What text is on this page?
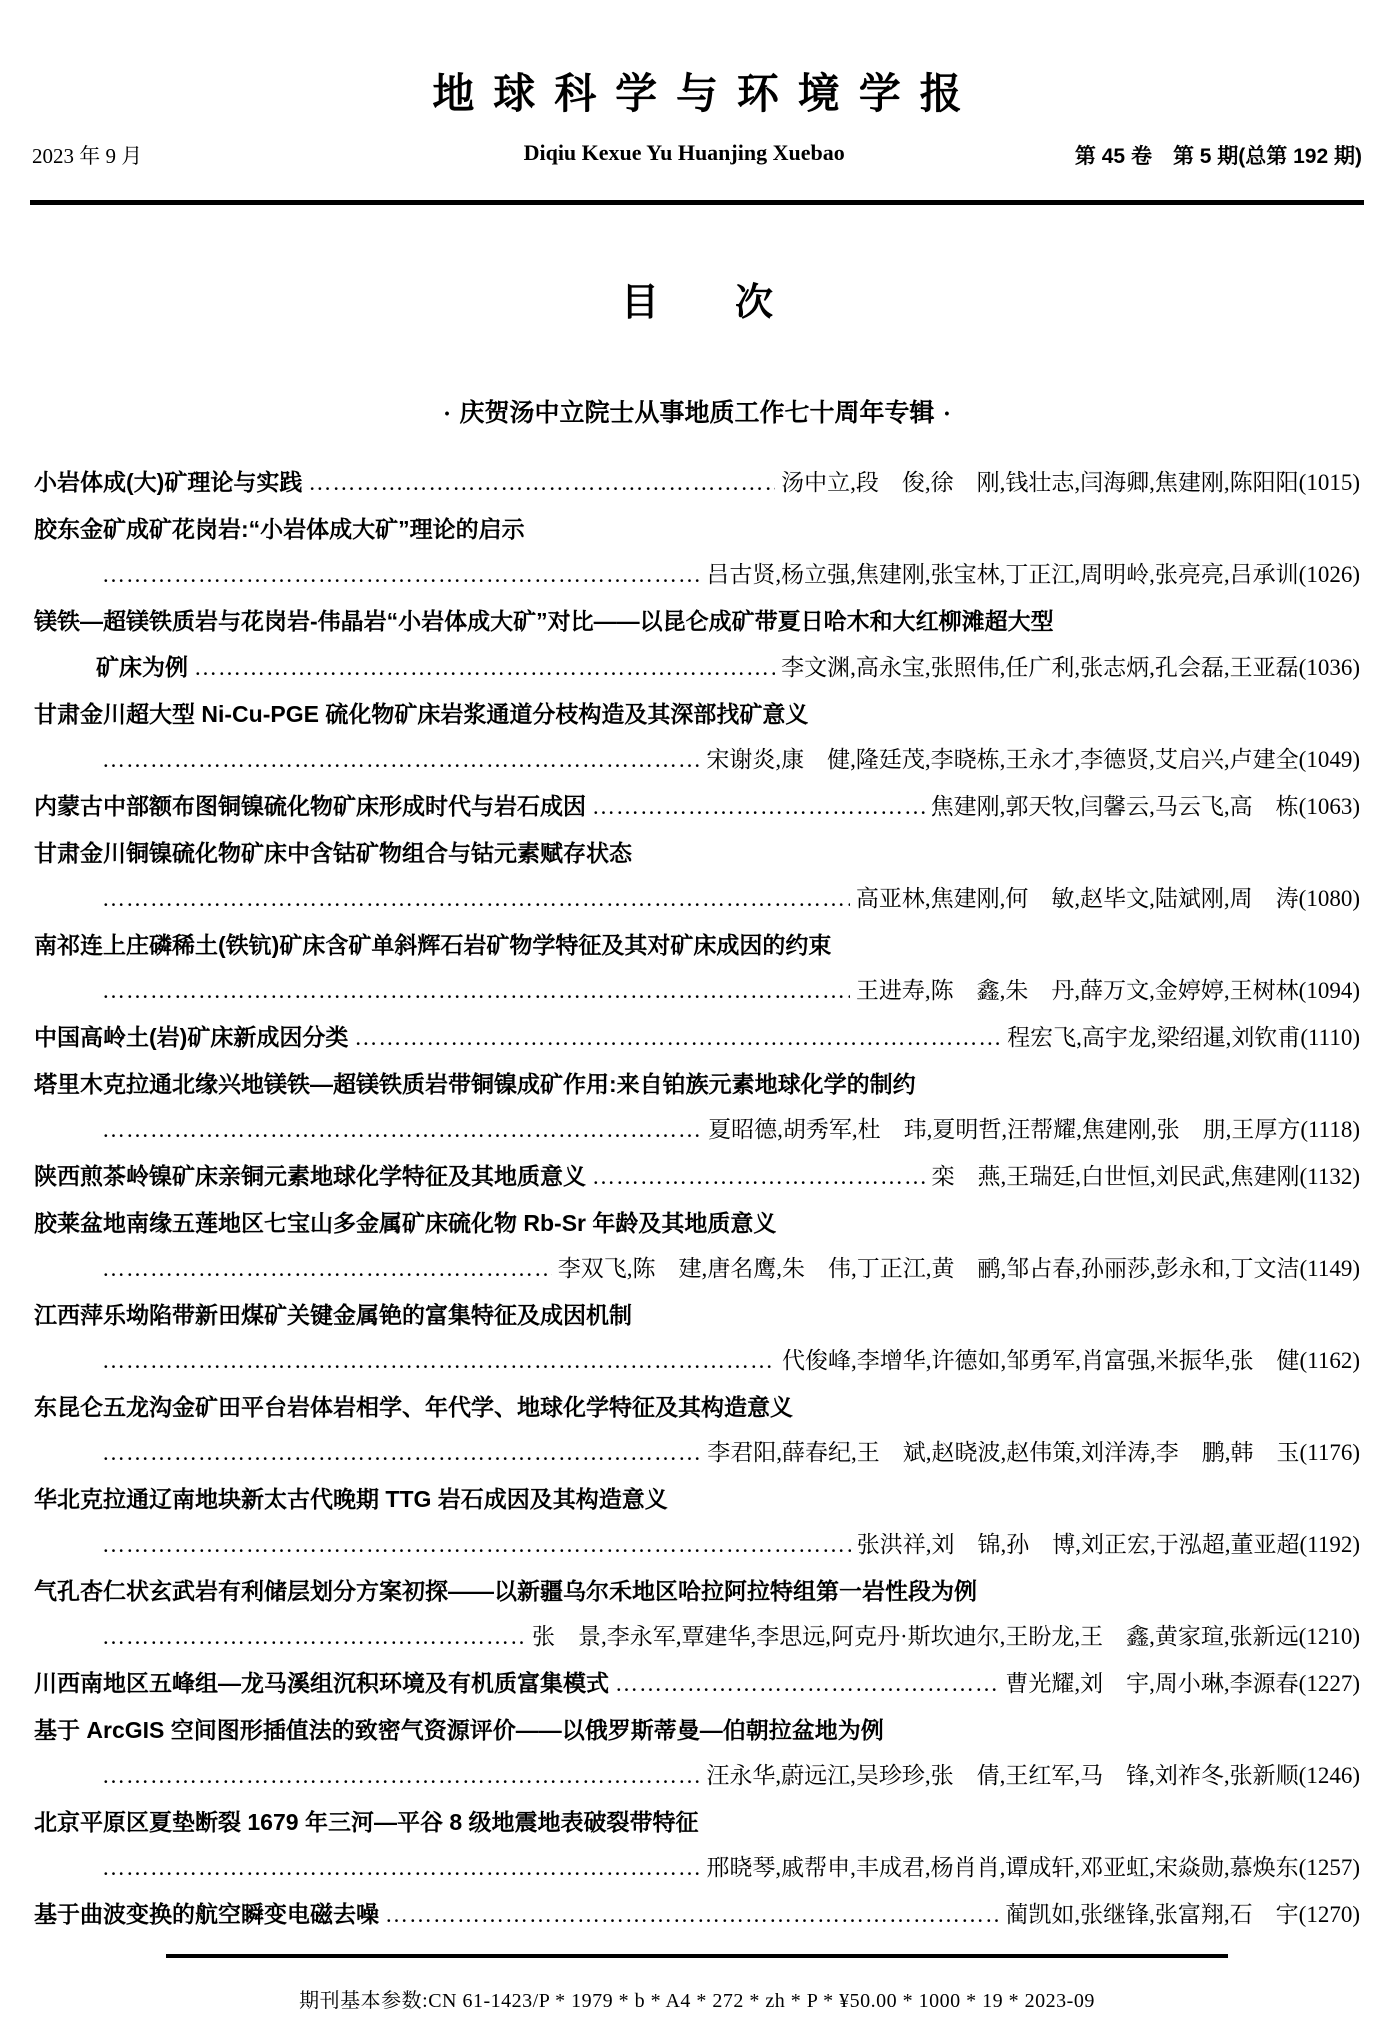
地球科学与环境学报
2023 年 9 月	Diqiu Kexue Yu Huanjing Xuebao	第 45 卷　第 5 期(总第 192 期)
目　　次
• 庆贺汤中立院士从事地质工作七十周年专辑 •
小岩体成(大)矿理论与实践 ………………………………………………………………………………………………………………………………………………	汤中立,段　俊,徐　刚,钱壮志,闫海卿,焦建刚,陈阳阳 (1015)
胶东金矿成矿花岗岩:“小岩体成大矿”理论的启示
………………………………………………………………………………………………………………………………………………
吕古贤,杨立强,焦建刚,张宝林,丁正江,周明岭,张亮亮,吕承训 (1026)
镁铁—超镁铁质岩与花岗岩-伟晶岩“小岩体成大矿”对比——以昆仑成矿带夏日哈木和大红柳滩超大型
矿床为例 ………………………………………………………………………………………………………………………………………………	李文渊,高永宝,张照伟,任广利,张志炳,孔会磊,王亚磊 (1036)
甘肃金川超大型 Ni-Cu-PGE 硫化物矿床岩浆通道分枝构造及其深部找矿意义
………………………………………………………………………………………………………………………………………………
宋谢炎,康　健,隆廷茂,李晓栋,王永才,李德贤,艾启兴,卢建全 (1049)
内蒙古中部额布图铜镍硫化物矿床形成时代与岩石成因 ………………………………………………………………………………………………………………………………………………	焦建刚,郭天牧,闫馨云,马云飞,高　栋 (1063)
甘肃金川铜镍硫化物矿床中含钴矿物组合与钴元素赋存状态
………………………………………………………………………………………………………………………………………………
高亚林,焦建刚,何　敏,赵毕文,陆斌刚,周　涛 (1080)
南祁连上庄磷稀土(铁钪)矿床含矿单斜辉石岩矿物学特征及其对矿床成因的约束
………………………………………………………………………………………………………………………………………………
王进寿,陈　鑫,朱　丹,薛万文,金婷婷,王树林 (1094)
中国高岭土(岩)矿床新成因分类 ………………………………………………………………………………………………………………………………………………	程宏飞,高宇龙,梁绍暹,刘钦甫 (1110)
塔里木克拉通北缘兴地镁铁—超镁铁质岩带铜镍成矿作用:来自铂族元素地球化学的制约
………………………………………………………………………………………………………………………………………………
夏昭德,胡秀军,杜　玮,夏明哲,汪帮耀,焦建刚,张　朋,王厚方 (1118)
陕西煎茶岭镍矿床亲铜元素地球化学特征及其地质意义 ………………………………………………………………………………………………………………………………………………	栾　燕,王瑞廷,白世恒,刘民武,焦建刚 (1132)
胶莱盆地南缘五莲地区七宝山多金属矿床硫化物 Rb-Sr 年龄及其地质意义
………………………………………………………………………………………………………………………………………………
李双飞,陈　建,唐名鹰,朱　伟,丁正江,黄　鹂,邹占春,孙丽莎,彭永和,丁文洁 (1149)
江西萍乐坳陷带新田煤矿关键金属铯的富集特征及成因机制
………………………………………………………………………………………………………………………………………………
代俊峰,李增华,许德如,邹勇军,肖富强,米振华,张　健 (1162)
东昆仑五龙沟金矿田平台岩体岩相学、年代学、地球化学特征及其构造意义
………………………………………………………………………………………………………………………………………………
李君阳,薛春纪,王　斌,赵晓波,赵伟策,刘洋涛,李　鹏,韩　玉 (1176)
华北克拉通辽南地块新太古代晚期 TTG 岩石成因及其构造意义
………………………………………………………………………………………………………………………………………………
张洪祥,刘　锦,孙　博,刘正宏,于泓超,董亚超 (1192)
气孔杏仁状玄武岩有利储层划分方案初探——以新疆乌尔禾地区哈拉阿拉特组第一岩性段为例
………………………………………………………………………………………………………………………………………………
张　景,李永军,覃建华,李思远,阿克丹·斯坎迪尔,王盼龙,王　鑫,黄家瑄,张新远 (1210)
川西南地区五峰组—龙马溪组沉积环境及有机质富集模式 ………………………………………………………………………………………………………………………………………………	曹光耀,刘　宇,周小琳,李源春 (1227)
基于 ArcGIS 空间图形插值法的致密气资源评价——以俄罗斯蒂曼—伯朝拉盆地为例
………………………………………………………………………………………………………………………………………………
汪永华,蔚远江,吴珍珍,张　倩,王红军,马　锋,刘祚冬,张新顺 (1246)
北京平原区夏垫断裂 1679 年三河—平谷 8 级地震地表破裂带特征
………………………………………………………………………………………………………………………………………………
邢晓琴,戚帮申,丰成君,杨肖肖,谭成轩,邓亚虹,宋焱勋,慕焕东 (1257)
基于曲波变换的航空瞬变电磁去噪 ………………………………………………………………………………………………………………………………………………	蔺凯如,张继锋,张富翔,石　宇 (1270)
期刊基本参数:CN 61-1423/P * 1979 * b * A4 * 272 * zh * P * ¥50.00 * 1000 * 19 * 2023-09
